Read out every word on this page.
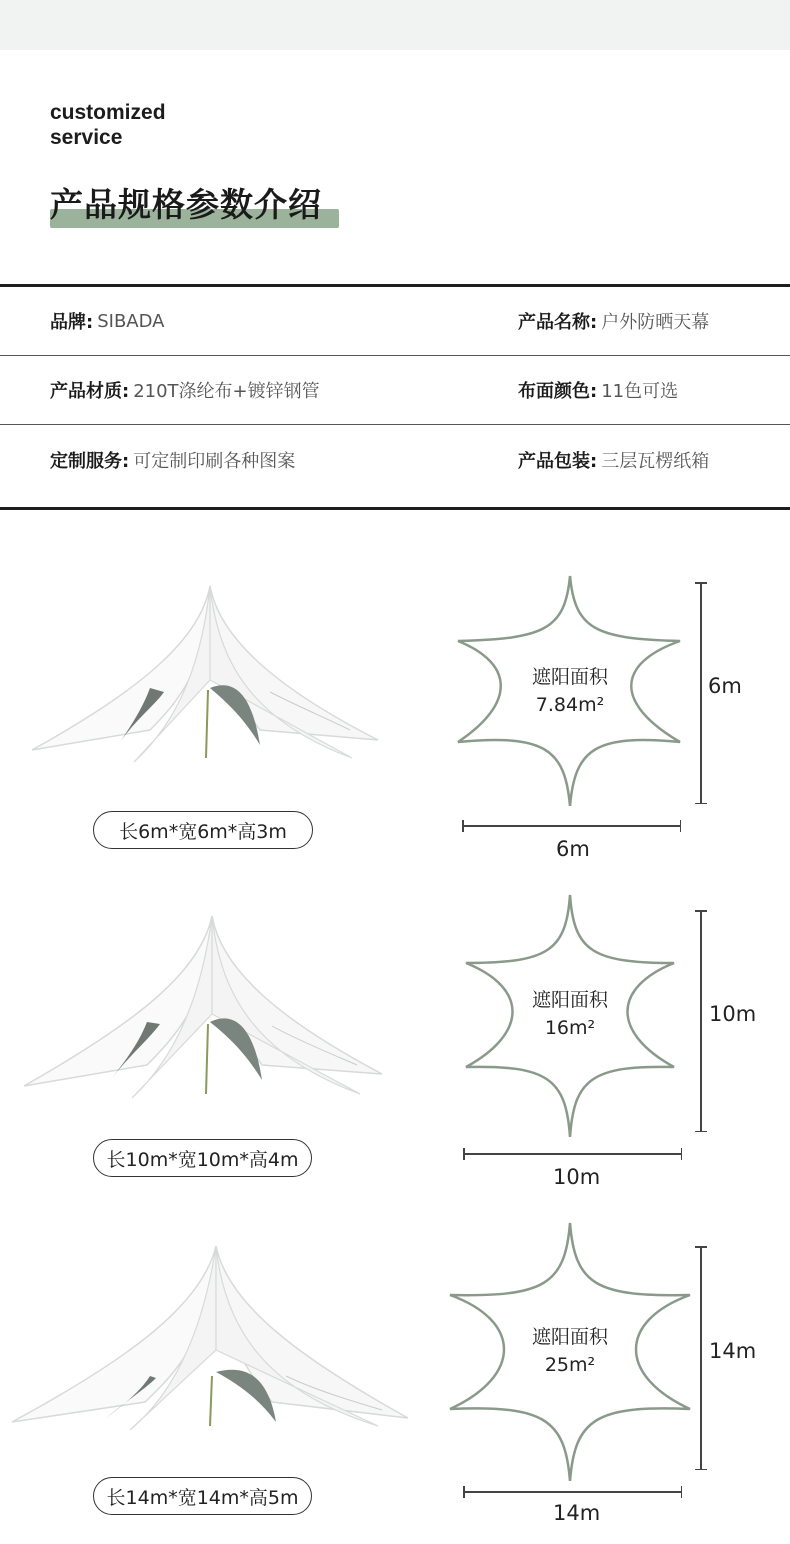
customized
service
产品规格参数介绍
品牌: SIBADA	产品名称: 户外防晒天幕
产品材质: 210T涤纶布+镀锌钢管	布面颜色: 11色可选
定制服务: 可定制印刷各种图案	产品包装: 三层瓦楞纸箱
长6m*宽6m*高3m
遮阳面积
7.84m²
6m
6m
长10m*宽10m*高4m
遮阳面积
16m²
10m
10m
长14m*宽14m*高5m
遮阳面积
25m²
14m
14m
